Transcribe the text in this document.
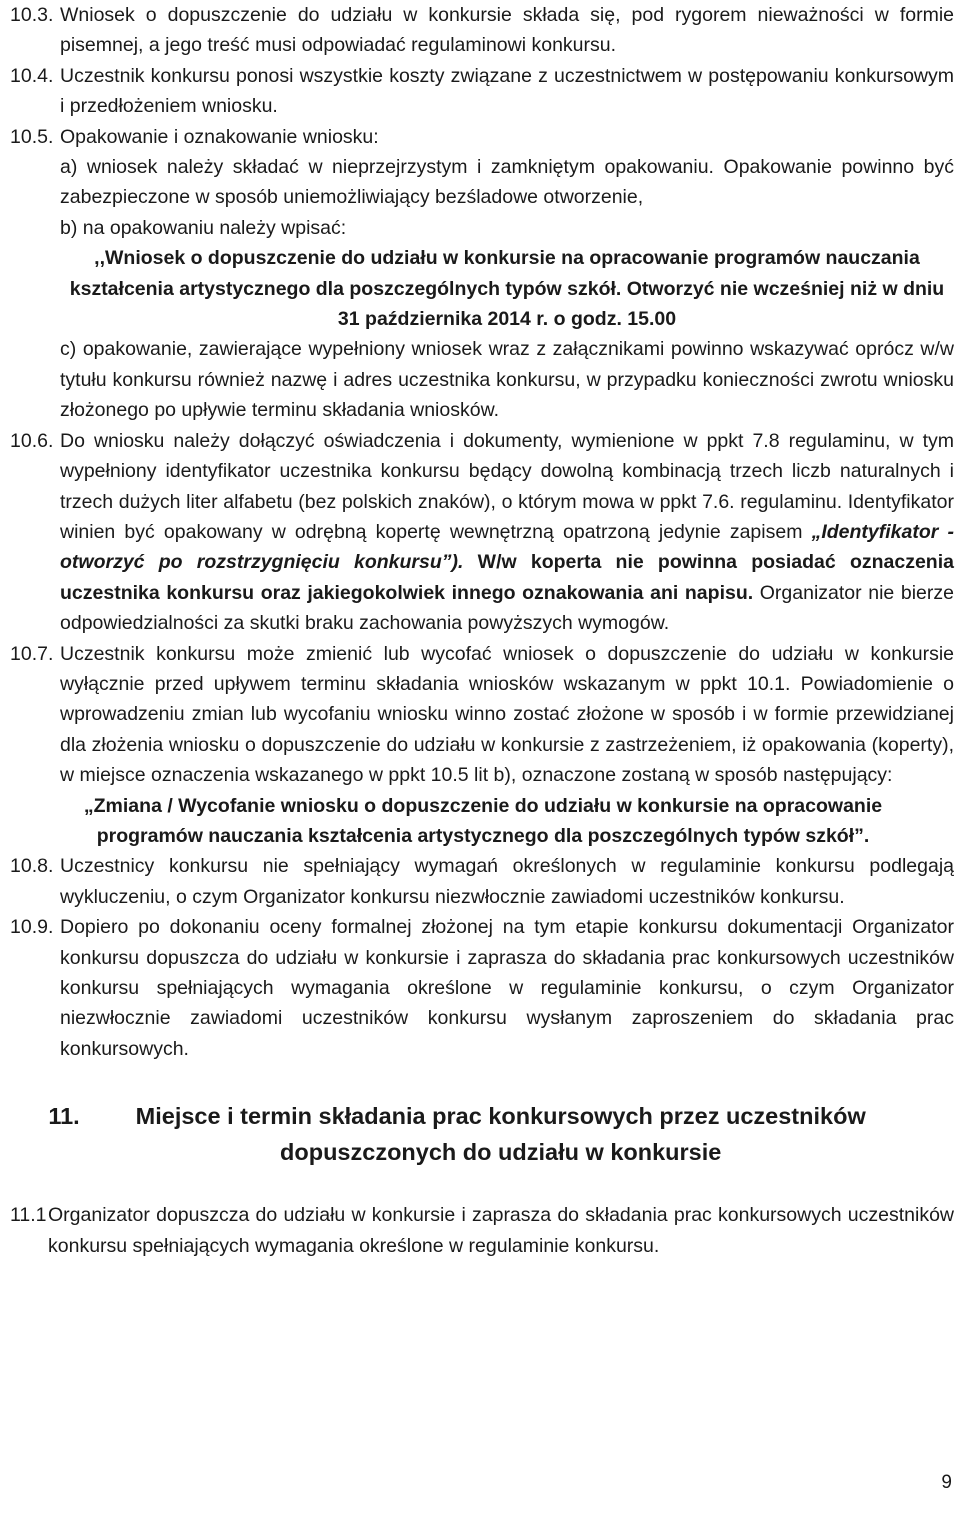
10.3. Wniosek o dopuszczenie do udziału w konkursie składa się, pod rygorem nieważności w formie pisemnej, a jego treść musi odpowiadać regulaminowi konkursu.
10.4. Uczestnik konkursu ponosi wszystkie koszty związane z uczestnictwem w postępowaniu konkursowym i przedłożeniem wniosku.
10.5. Opakowanie i oznakowanie wniosku:

a) wniosek należy składać w nieprzejrzystym i zamkniętym opakowaniu. Opakowanie powinno być zabezpieczone w sposób uniemożliwiający bezśladowe otworzenie,

b) na opakowaniu należy wpisać:

,,Wniosek o dopuszczenie do udziału w konkursie na opracowanie programów nauczania kształcenia artystycznego dla poszczególnych typów szkół. Otworzyć nie wcześniej niż w dniu 31 października 2014 r. o godz. 15.00

c) opakowanie, zawierające wypełniony wniosek wraz z załącznikami powinno wskazywać oprócz w/w tytułu konkursu również nazwę i adres uczestnika konkursu, w przypadku konieczności zwrotu wniosku złożonego po upływie terminu składania wniosków.

10.6. Do wniosku należy dołączyć oświadczenia i dokumenty, wymienione w ppkt 7.8 regulaminu, w tym wypełniony identyfikator uczestnika konkursu będący dowolną kombinacją trzech liczb naturalnych i trzech dużych liter alfabetu (bez polskich znaków), o którym mowa w ppkt 7.6. regulaminu. Identyfikator winien być opakowany w odrębną kopertę wewnętrzną opatrzoną jedynie zapisem „Identyfikator - otworzyć po rozstrzygnięciu konkursu”). W/w koperta nie powinna posiadać oznaczenia uczestnika konkursu oraz jakiegokolwiek innego oznakowania ani napisu. Organizator nie bierze odpowiedzialności za skutki braku zachowania powyższych wymogów.

10.7. Uczestnik konkursu może zmienić lub wycofać wniosek o dopuszczenie do udziału w konkursie wyłącznie przed upływem terminu składania wniosków wskazanym w ppkt 10.1. Powiadomienie o wprowadzeniu zmian lub wycofaniu wniosku winno zostać złożone w sposób i w formie przewidzianej dla złożenia wniosku o dopuszczenie do udziału w konkursie z zastrzeżeniem, iż opakowania (koperty), w miejsce oznaczenia wskazanego w ppkt 10.5 lit b), oznaczone zostaną w sposób następujący:

„Zmiana / Wycofanie wniosku o dopuszczenie do udziału w konkursie na opracowanie programów nauczania kształcenia artystycznego dla poszczególnych typów szkół”.

10.8. Uczestnicy konkursu nie spełniający wymagań określonych w regulaminie konkursu podlegają wykluczeniu, o czym Organizator konkursu niezwłocznie zawiadomi uczestników konkursu.
10.9. Dopiero po dokonaniu oceny formalnej złożonej na tym etapie konkursu dokumentacji Organizator konkursu dopuszcza do udziału w konkursie i zaprasza do składania prac konkursowych uczestników konkursu spełniających wymagania określone w regulaminie konkursu, o czym Organizator niezwłocznie zawiadomi uczestników konkursu wysłanym zaproszeniem do składania prac konkursowych.
11.	Miejsce i termin składania prac konkursowych przez uczestników dopuszczonych do udziału w konkursie
11.1 Organizator dopuszcza do udziału w konkursie i zaprasza do składania prac konkursowych uczestników konkursu spełniających wymagania określone w regulaminie konkursu.
9
